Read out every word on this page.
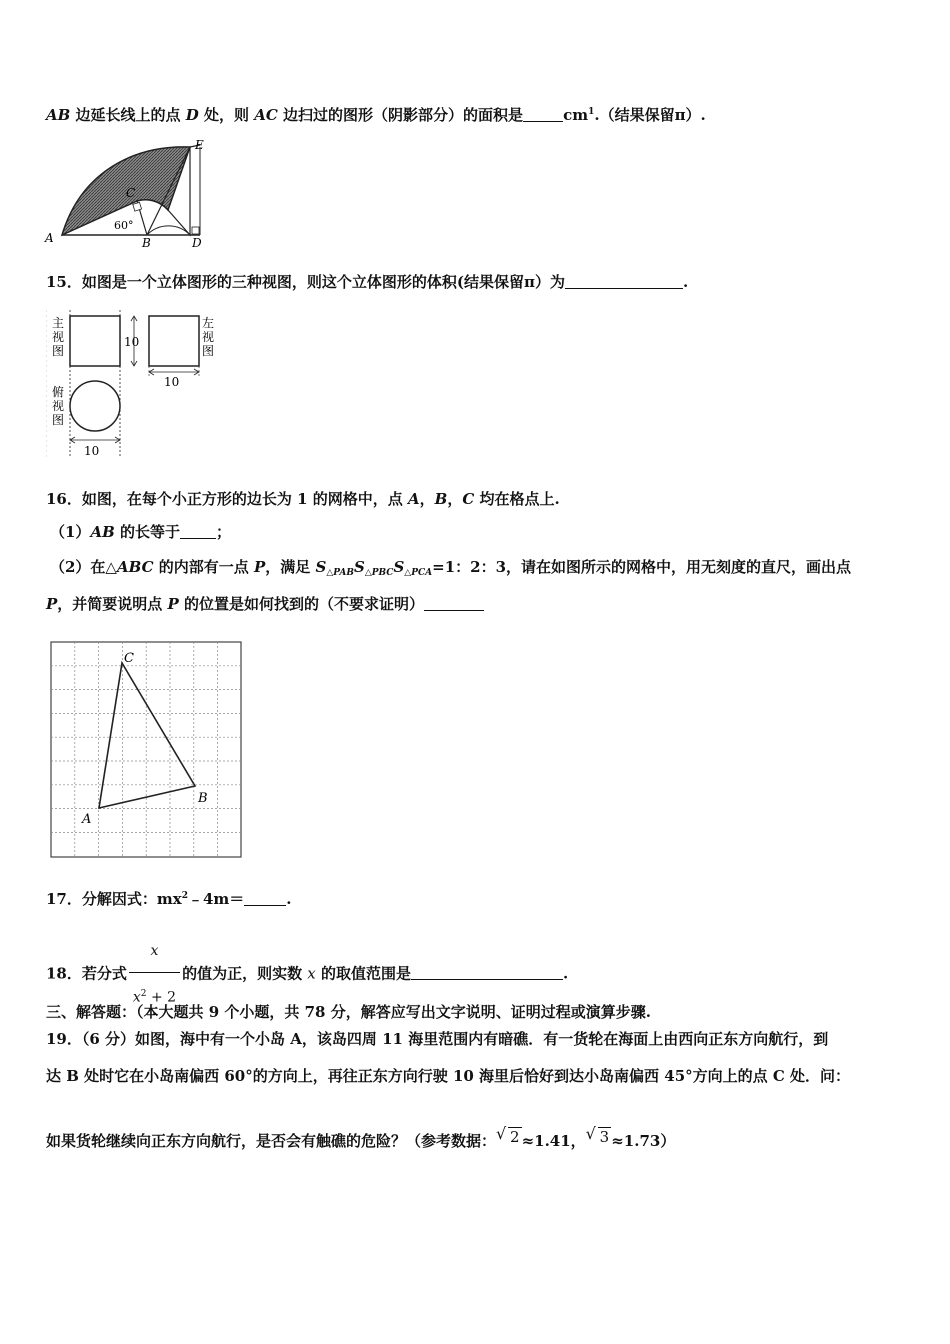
AB 边延长线上的点 D 处，则 AC 边扫过的图形（阴影部分）的面积是	$cm^1$.（结果保留π）.
E
C
60°
A	B	D
15．如图是一个立体图形的三种视图，则这个立体图形的体积(结果保留π）为	.
10
10
10
主
视
图
左
视
图
俯
视
图
16．如图，在每个小正方形的边长为 1 的网格中，点 A，B，C 均在格点上.
（1）AB 的长等于 ；
（2）在△ABC 的内部有一点 P，满足 $S_{\triangle PAB}S_{\triangle PBC}S_{\triangle PCA}=1$：2：3，请在如图所示的网格中，用无刻度的直尺，画出点
P，并简要说明点 P 的位置是如何找到的（不要求证明）
C
B
A
17．分解因式：$mx^2﹣4m=$	.
18．若分式 $\frac{x}{x^2 + 2}$ 的值为正，则实数 x 的取值范围是	.
三、解答题：（本大题共 9 个小题，共 78 分，解答应写出文字说明、证明过程或演算步骤.
19．（6 分）如图，海中有一个小岛 A，该岛四周 11 海里范围内有暗礁．有一货轮在海面上由西向正东方向航行，到
达 B 处时它在小岛南偏西 60°的方向上，再往正东方向行驶 10 海里后恰好到达小岛南偏西 45°方向上的点 C 处．问：
如果货轮继续向正东方向航行，是否会有触礁的危险？（参考数据： √ 2 ≈1.41， √ 3 ≈1.73）
